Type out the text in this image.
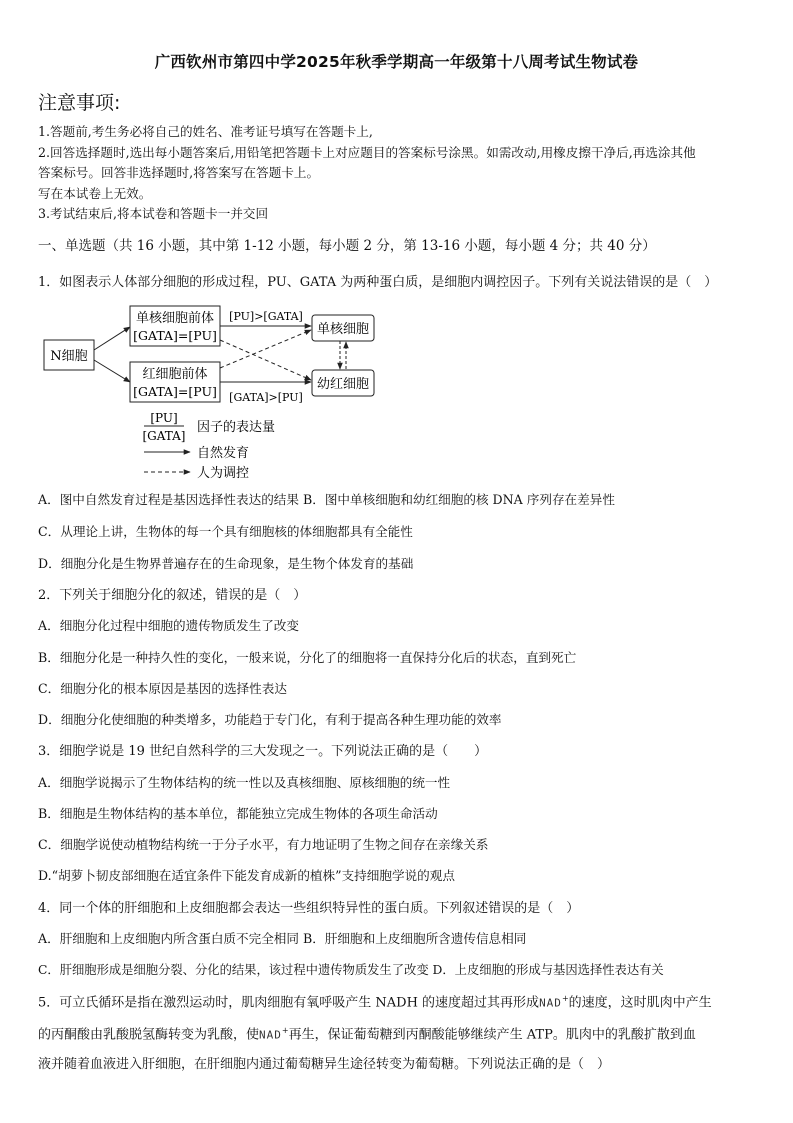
广西钦州市第四中学2025年秋季学期高一年级第十八周考试生物试卷
注意事项:
1.答题前,考生务必将自己的姓名、准考证号填写在答题卡上,
2.回答选择题时,选出每小题答案后,用铅笔把答题卡上对应题目的答案标号涂黑。如需改动,用橡皮擦干净后,再选涂其他
答案标号。回答非选择题时,将答案写在答题卡上。
写在本试卷上无效。
3.考试结束后,将本试卷和答题卡一并交回
一、单选题（共 16 小题，其中第 1-12 小题，每小题 2 分，第 13-16 小题，每小题 4 分；共 40 分）
1．如图表示人体部分细胞的形成过程，PU、GATA 为两种蛋白质，是细胞内调控因子。下列有关说法错误的是（　）
N细胞
单核细胞前体
[GATA]=[PU]
红细胞前体
[GATA]=[PU]
单核细胞
幼红细胞
[PU]>[GATA]
[GATA]>[PU]
[PU]
[GATA]
因子的表达量
自然发育
人为调控
A．图中自然发育过程是基因选择性表达的结果 B．图中单核细胞和幼红细胞的核 DNA 序列存在差异性
C．从理论上讲，生物体的每一个具有细胞核的体细胞都具有全能性
D．细胞分化是生物界普遍存在的生命现象，是生物个体发育的基础
2．下列关于细胞分化的叙述，错误的是（　）
A．细胞分化过程中细胞的遗传物质发生了改变
B．细胞分化是一种持久性的变化，一般来说，分化了的细胞将一直保持分化后的状态，直到死亡
C．细胞分化的根本原因是基因的选择性表达
D．细胞分化使细胞的种类增多，功能趋于专门化，有利于提高各种生理功能的效率
3．细胞学说是 19 世纪自然科学的三大发现之一。下列说法正确的是（　　）
A．细胞学说揭示了生物体结构的统一性以及真核细胞、原核细胞的统一性
B．细胞是生物体结构的基本单位，都能独立完成生物体的各项生命活动
C．细胞学说使动植物结构统一于分子水平，有力地证明了生物之间存在亲缘关系
D.“胡萝卜韧皮部细胞在适宜条件下能发育成新的植株”支持细胞学说的观点
4．同一个体的肝细胞和上皮细胞都会表达一些组织特异性的蛋白质。下列叙述错误的是（　）
A．肝细胞和上皮细胞内所含蛋白质不完全相同 B．肝细胞和上皮细胞所含遗传信息相同
C．肝细胞形成是细胞分裂、分化的结果，该过程中遗传物质发生了改变 D．上皮细胞的形成与基因选择性表达有关
5．可立氏循环是指在激烈运动时，肌肉细胞有氧呼吸产生 NADH 的速度超过其再形成NAD+的速度，这时肌肉中产生
的丙酮酸由乳酸脱氢酶转变为乳酸，使NAD+再生，保证葡萄糖到丙酮酸能够继续产生 ATP。肌肉中的乳酸扩散到血
液并随着血液进入肝细胞，在肝细胞内通过葡萄糖异生途径转变为葡萄糖。下列说法正确的是（　）
